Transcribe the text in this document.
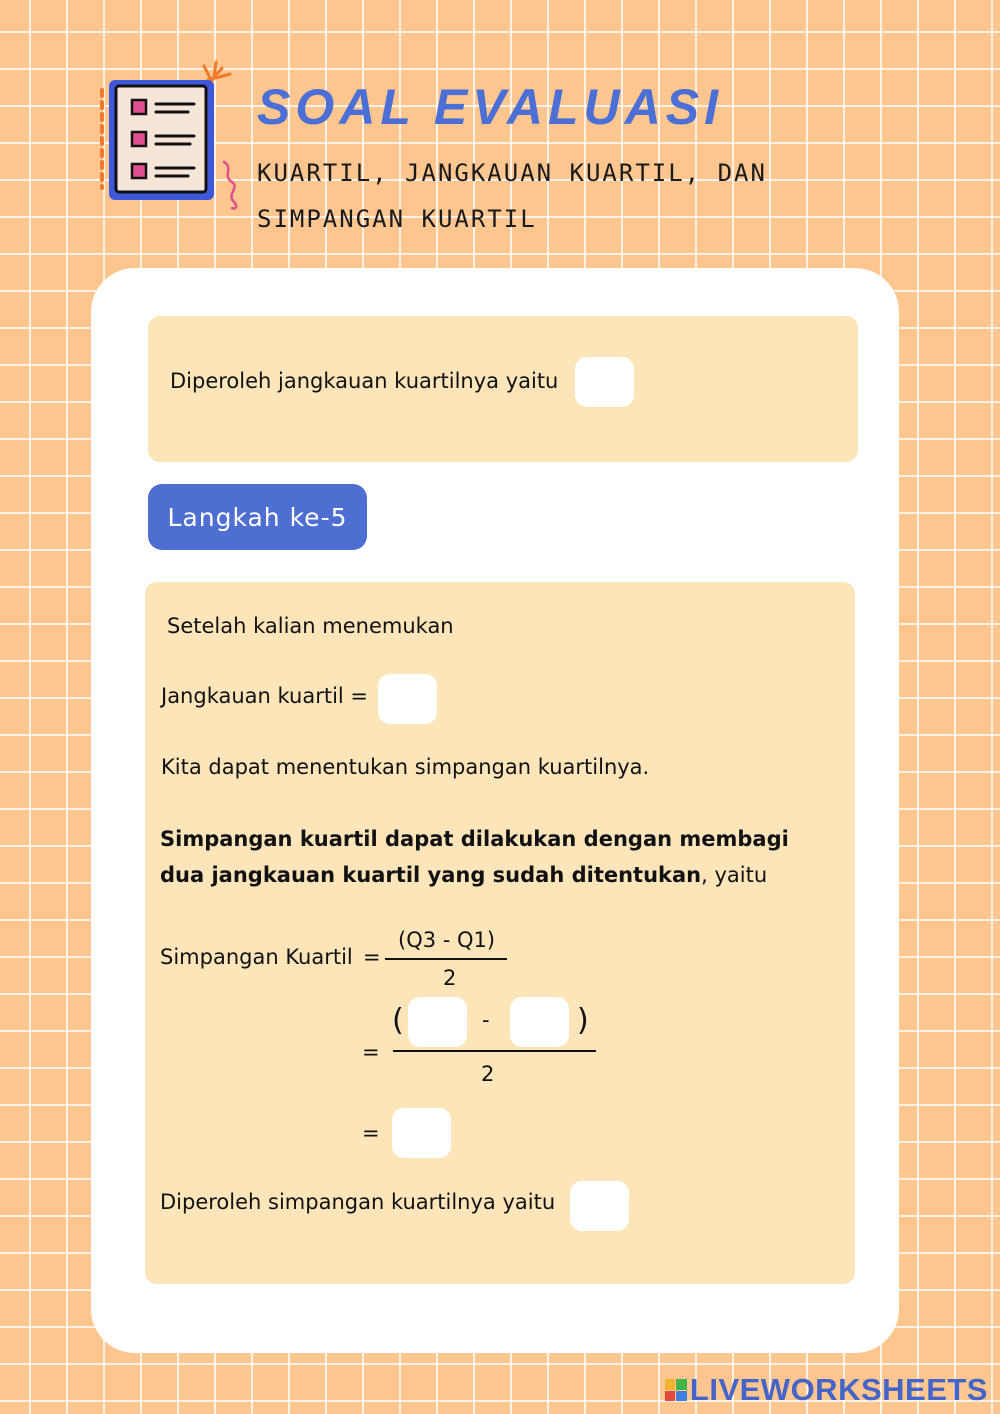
SOAL EVALUASI

KUARTIL, JANGKAUAN KUARTIL, DAN SIMPANGAN KUARTIL

Diperoleh jangkauan kuartilnya yaitu
Langkah ke-5
Setelah kalian menemukan
Jangkauan kuartil =
Kita dapat menentukan simpangan kuartilnya.
Simpangan kuartil dapat dilakukan dengan membagi dua jangkauan kuartil yang sudah ditentukan, yaitu
Simpangan Kuartil =
(Q3 - Q1)
2
=
(	-	)
2
=
Diperoleh simpangan kuartilnya yaitu
LIVEWORKSHEETS
